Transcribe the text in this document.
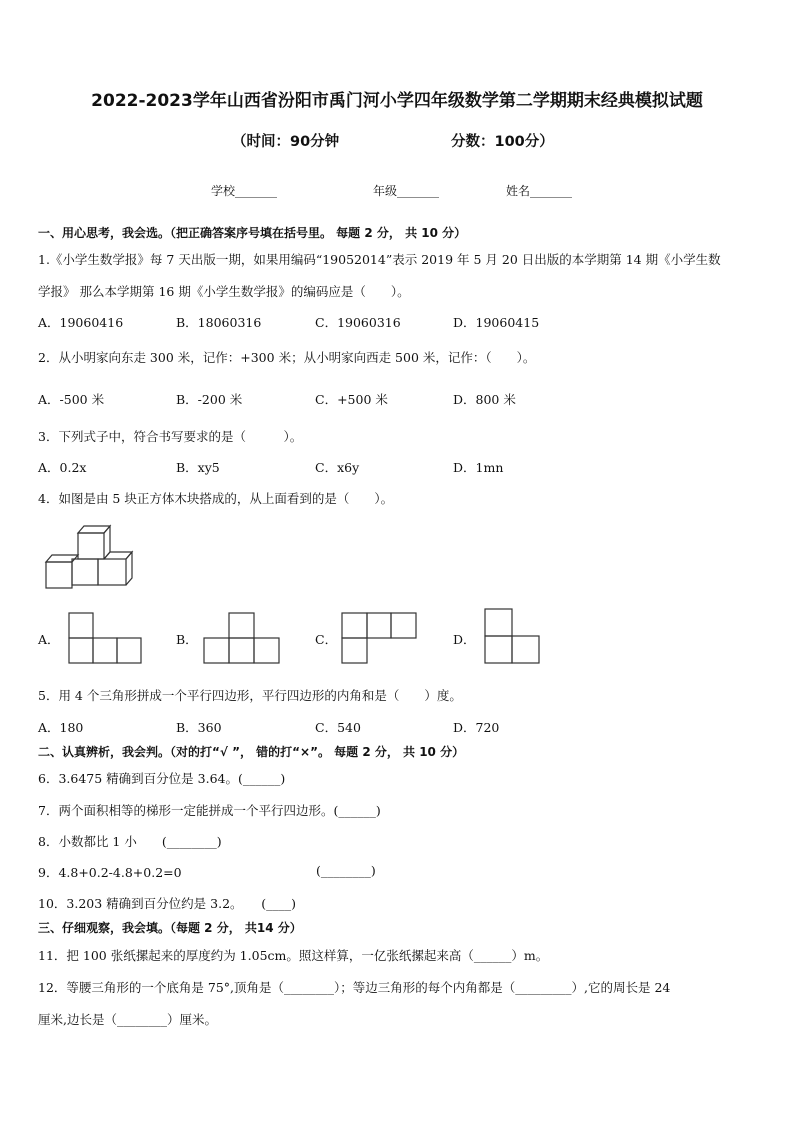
2022-2023学年山西省汾阳市禹门河小学四年级数学第二学期期末经典模拟试题
（时间：90分钟	分数：100分）
学校_______	年级_______	姓名_______
一、用心思考，我会选。（把正确答案序号填在括号里。 每题 2 分， 共 10 分）
1.《小学生数学报》每 7 天出版一期，如果用编码“19052014”表示 2019 年 5 月 20 日出版的本学期第 14 期《小学生数
学报》 那么本学期第 16 期《小学生数学报》的编码应是（　　）。
A．19060416	B．18060316	C．19060316	D．19060415
2．从小明家向东走 300 米，记作：+300 米；从小明家向西走 500 米，记作：（　　）。
A．-500 米	B．-200 米	C．+500 米	D．800 米
3．下列式子中，符合书写要求的是（　　　）。
A．0.2x	B．xy5	C．x6y	D．1mn
4．如图是由 5 块正方体木块搭成的，从上面看到的是（　　）。
A．	B．	C．	D．
5．用 4 个三角形拼成一个平行四边形，平行四边形的内角和是（　　）度。
A．180	B．360	C．540	D．720
二、认真辨析，我会判。（对的打“√ ”， 错的打“×”。 每题 2 分， 共 10 分）
6．3.6475 精确到百分位是 3.64。(______)
7．两个面积相等的梯形一定能拼成一个平行四边形。(______)
8．小数都比 1 小　　(________)
9．4.8+0.2-4.8+0.2=0	(________)
10．3.203 精确到百分位约是 3.2。　　(____)
三、仔细观察，我会填。（每题 2 分， 共14 分）
11．把 100 张纸摞起来的厚度约为 1.05cm。照这样算，一亿张纸摞起来高（______）m。
12．等腰三角形的一个底角是 75°,顶角是（________）；等边三角形的每个内角都是（_________）,它的周长是 24
厘米,边长是（________）厘米。
